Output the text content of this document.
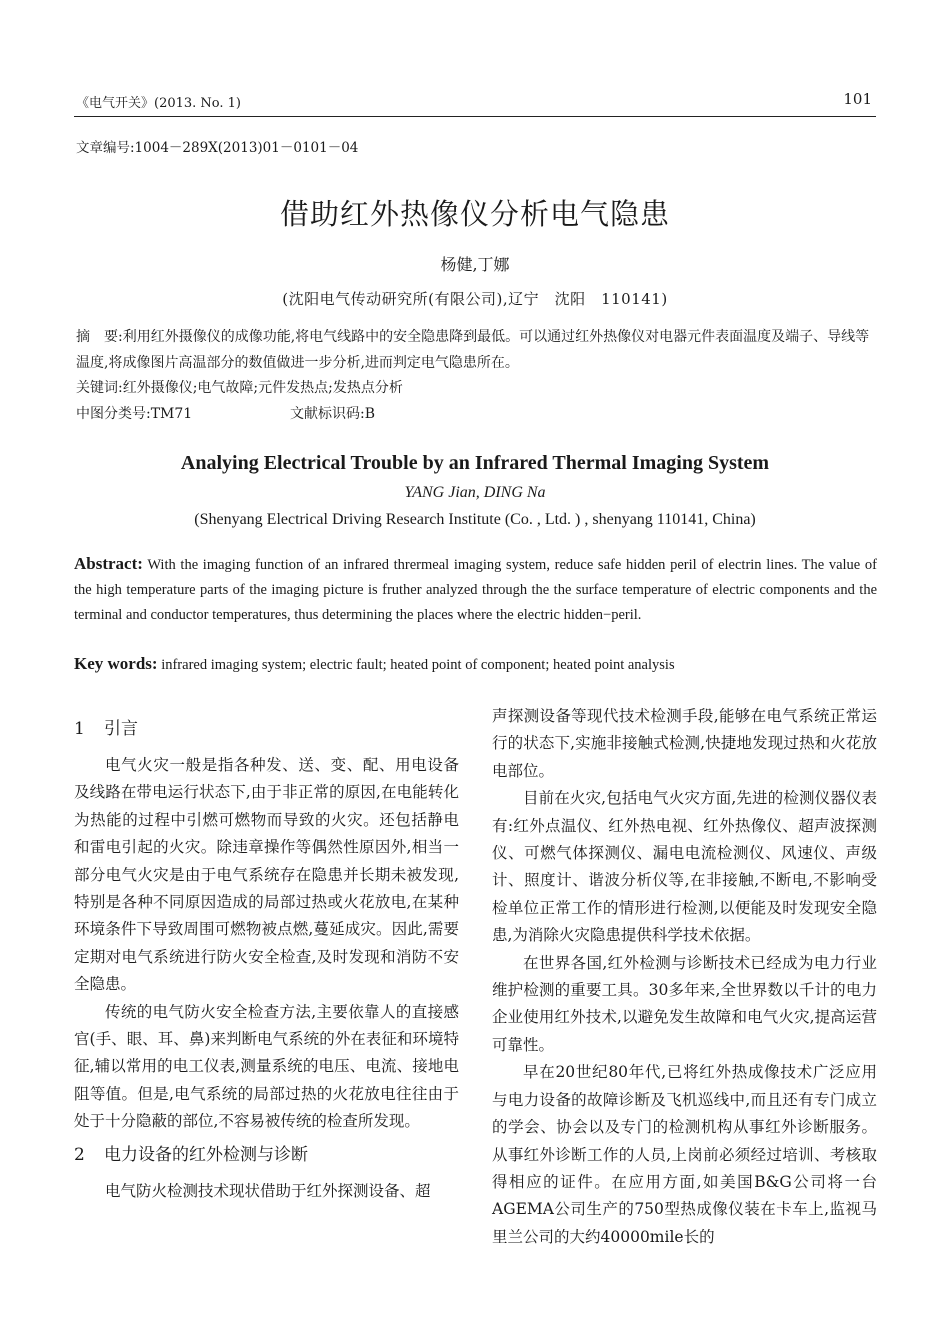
《电气开关》(2013. No. 1)	101
文章编号:1004－289X(2013)01－0101－04
借助红外热像仪分析电气隐患
杨健,丁娜
(沈阳电气传动研究所(有限公司),辽宁　沈阳　110141)
摘　要:利用红外摄像仪的成像功能,将电气线路中的安全隐患降到最低。可以通过红外热像仪对电器元件表面温度及端子、导线等温度,将成像图片高温部分的数值做进一步分析,进而判定电气隐患所在。
关键词:红外摄像仪;电气故障;元件发热点;发热点分析
中图分类号:TM71	文献标识码:B
Analying Electrical Trouble by an Infrared Thermal Imaging System
YANG Jian, DING Na
(Shenyang Electrical Driving Research Institute (Co. , Ltd. ) , shenyang 110141, China)
Abstract: With the imaging function of an infrared thrermeal imaging system, reduce safe hidden peril of electrin lines. The value of the high temperature parts of the imaging picture is fruther analyzed through the the surface temperature of electric components and the terminal and conductor temperatures, thus determining the places where the electric hidden−peril.
Key words: infrared imaging system; electric fault; heated point of component; heated point analysis
1 引言

电气火灾一般是指各种发、送、变、配、用电设备及线路在带电运行状态下,由于非正常的原因,在电能转化为热能的过程中引燃可燃物而导致的火灾。还包括静电和雷电引起的火灾。除违章操作等偶然性原因外,相当一部分电气火灾是由于电气系统存在隐患并长期未被发现,特别是各种不同原因造成的局部过热或火花放电,在某种环境条件下导致周围可燃物被点燃,蔓延成灾。因此,需要定期对电气系统进行防火安全检查,及时发现和消防不安全隐患。

传统的电气防火安全检查方法,主要依靠人的直接感官(手、眼、耳、鼻)来判断电气系统的外在表征和环境特征,辅以常用的电工仪表,测量系统的电压、电流、接地电阻等值。但是,电气系统的局部过热的火花放电往往由于处于十分隐蔽的部位,不容易被传统的检查所发现。

2 电力设备的红外检测与诊断

电气防火检测技术现状借助于红外探测设备、超

声探测设备等现代技术检测手段,能够在电气系统正常运行的状态下,实施非接触式检测,快捷地发现过热和火花放电部位。

目前在火灾,包括电气火灾方面,先进的检测仪器仪表有:红外点温仪、红外热电视、红外热像仪、超声波探测仪、可燃气体探测仪、漏电电流检测仪、风速仪、声级计、照度计、谐波分析仪等,在非接触,不断电,不影响受检单位正常工作的情形进行检测,以便能及时发现安全隐患,为消除火灾隐患提供科学技术依据。

在世界各国,红外检测与诊断技术已经成为电力行业维护检测的重要工具。30多年来,全世界数以千计的电力企业使用红外技术,以避免发生故障和电气火灾,提高运营可靠性。

早在20世纪80年代,已将红外热成像技术广泛应用与电力设备的故障诊断及飞机巡线中,而且还有专门成立的学会、协会以及专门的检测机构从事红外诊断服务。从事红外诊断工作的人员,上岗前必须经过培训、考核取得相应的证件。在应用方面,如美国B&G公司将一台AGEMA公司生产的750型热成像仪装在卡车上,监视马里兰公司的大约40000mile长的
